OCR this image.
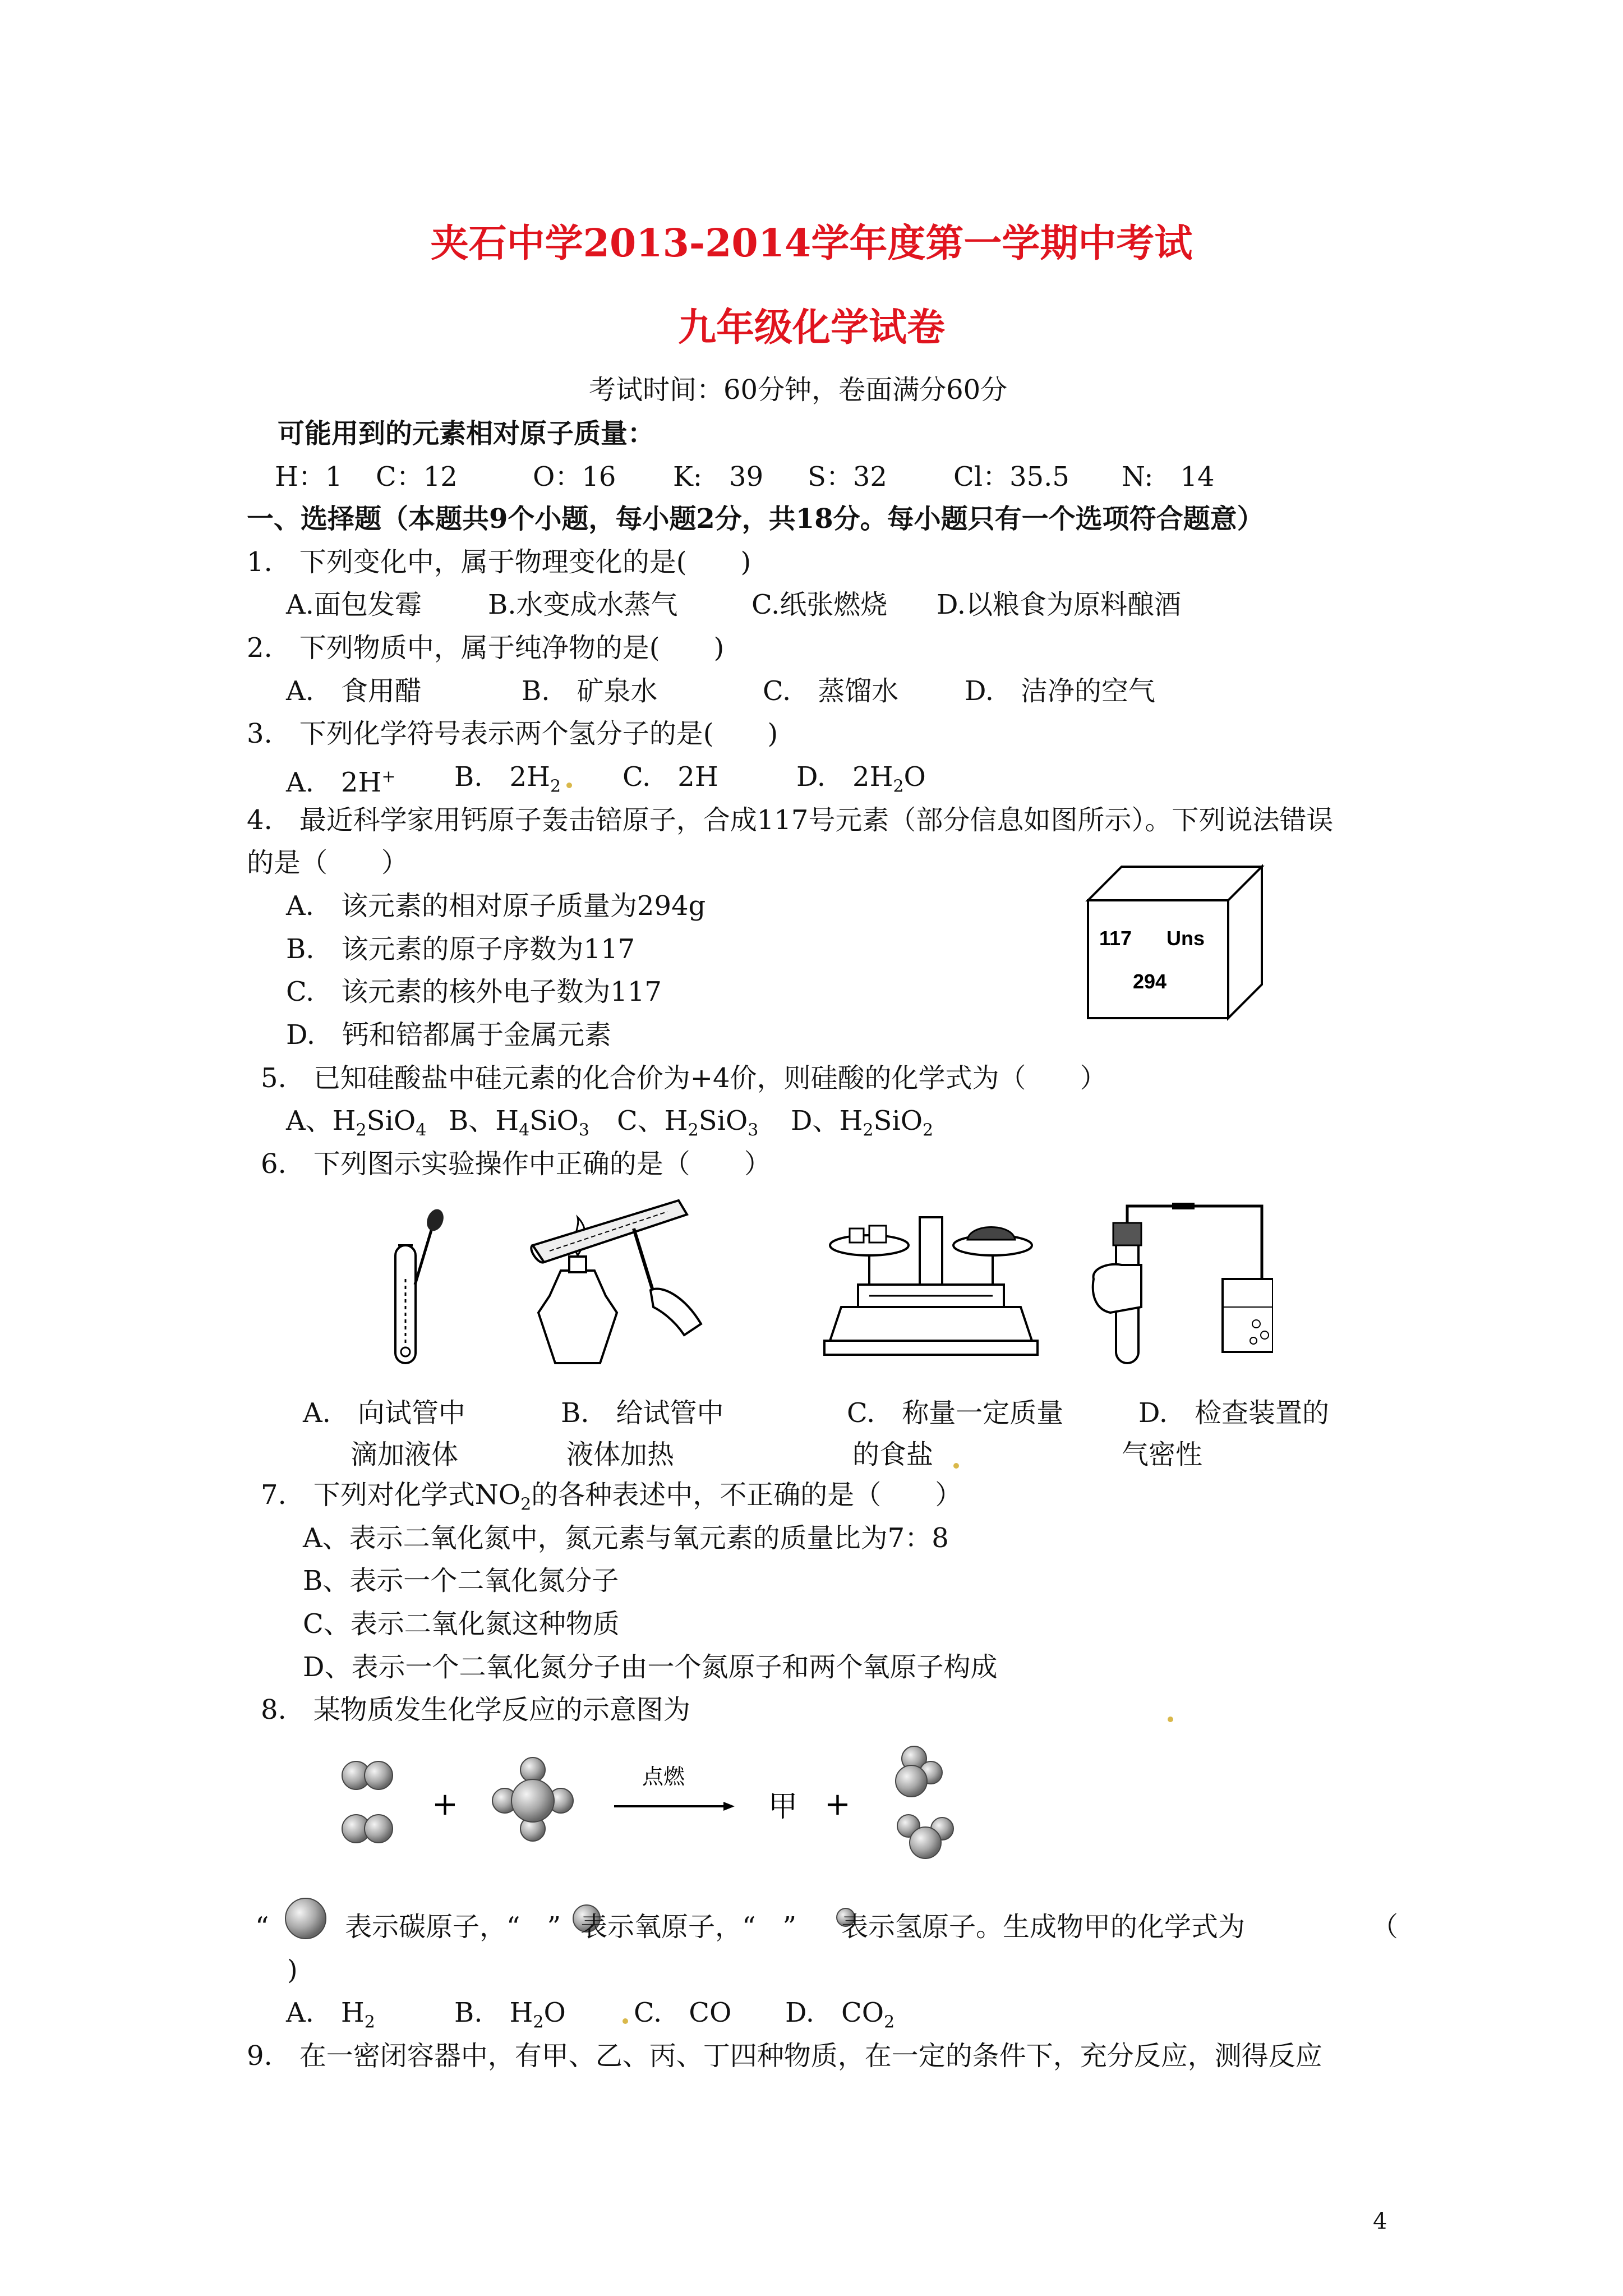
夹石中学2013-2014学年度第一学期中考试
九年级化学试卷
考试时间：60分钟，卷面满分60分
可能用到的元素相对原子质量：
H：1 C：12	O：16 K:　39 S：32 Cl：35.5 N:　14
一、选择题（本题共9个小题，每小题2分，共18分。每小题只有一个选项符合题意）
1.　下列变化中，属于物理变化的是(　　)
A.面包发霉 B.水变成水蒸气	C.纸张燃烧 D.以粮食为原料酿酒
2.　下列物质中，属于纯净物的是(　　)
A.　食用醋	B.　矿泉水	C.　蒸馏水 D.　洁净的空气
3.　下列化学符号表示两个氢分子的是(　　)
A.　2H+ B.　$2H_2$ C.　2H	D.　$2H_2O$
4.　最近科学家用钙原子轰击锫原子，合成117号元素（部分信息如图所示）。下列说法错误
的是（　　）
A.　该元素的相对原子质量为294g
B.　该元素的原子序数为117
C.　该元素的核外电子数为117
D.　钙和锫都属于金属元素
117 Uns
294
5.　已知硅酸盐中硅元素的化合价为+4价，则硅酸的化学式为（　　）
A、$H_2SiO_4$ B、$H_4SiO_3$ C、$H_2SiO_3$ D、$H_2SiO_2$
6.　下列图示实验操作中正确的是（　　）
A.　向试管中
滴加液体
B.　给试管中
液体加热
C.　称量一定质量
的食盐
D.　检查装置的
气密性
7.　下列对化学式$NO_2$的各种表述中，不正确的是（　　）
A、表示二氧化氮中，氮元素与氧元素的质量比为7：8
B、表示一个二氧化氮分子
C、表示二氧化氮这种物质
D、表示一个二氧化氮分子由一个氮原子和两个氧原子构成
8.　某物质发生化学反应的示意图为
+
点燃
甲 +
“	表示碳原子，“　” 表示氧原子，“　” 表示氢原子。生成物甲的化学式为	（
)
A.　$H_2$	B.　$H_2O$	C.　CO D.　$CO_2$
9.　在一密闭容器中，有甲、乙、丙、丁四种物质，在一定的条件下，充分反应，测得反应
4
